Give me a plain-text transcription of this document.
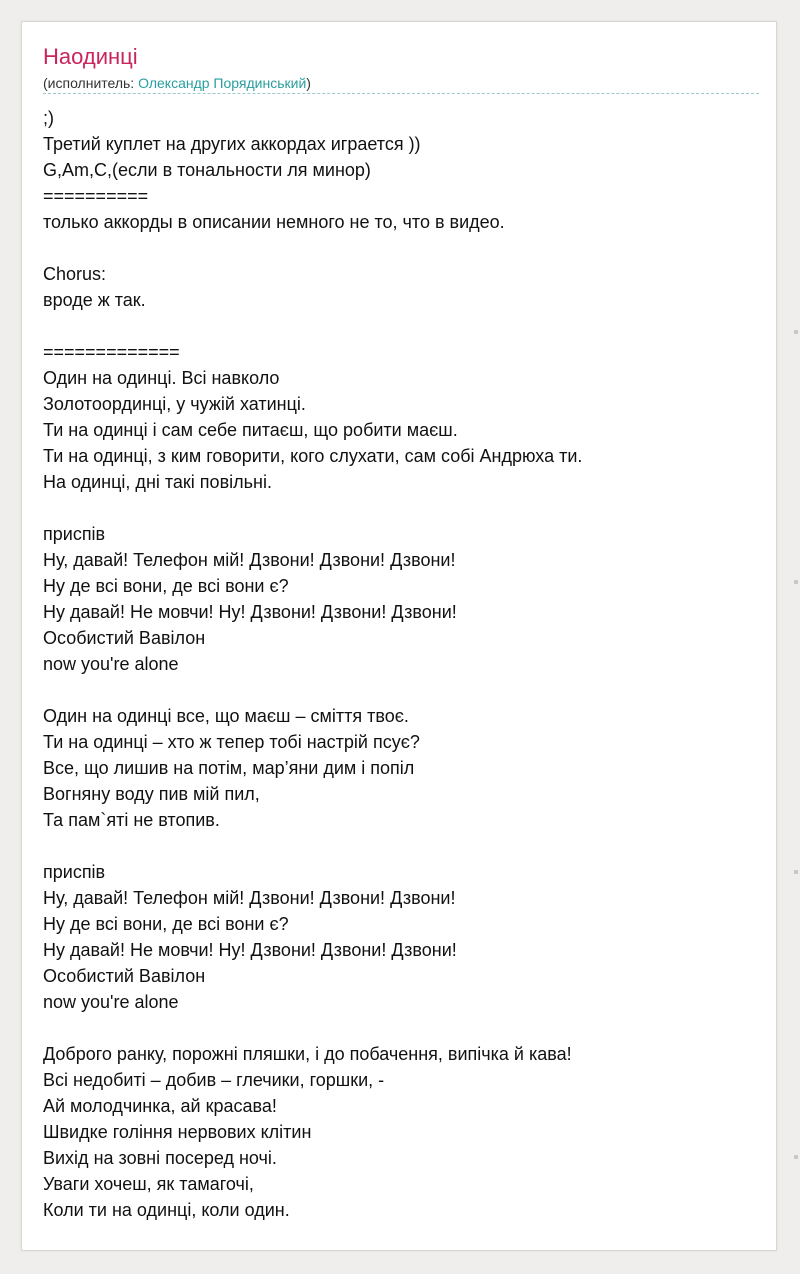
Наодинці
(исполнитель: Олександр Порядинський)
;)
Третий куплет на других аккордах играется ))
G,Am,C,(если в тональности ля минор)
==========
только аккорды в описании немного не то, что в видео.
Chorus:
вроде ж так.
=============
Один на одинці. Всі навколо
Золотоординці, у чужій хатинці.
Ти на одинці і сам себе питаєш, що робити маєш.
Ти на одинці, з ким говорити, кого слухати, сам собі Андрюха ти.
На одинці, дні такі повільні.
приспів
Ну, давай! Телефон мій! Дзвони! Дзвони! Дзвони!
Ну де всі вони, де всі вони є?
Ну давай! Не мовчи! Ну! Дзвони! Дзвони! Дзвони!
Особистий Вавілон
now you're alone
Один на одинці все, що маєш – сміття твоє.
Ти на одинці – хто ж тепер тобі настрій псує?
Все, що лишив на потім, мар’яни дим і попіл
Вогняну воду пив мій пил,
Та пам`яті не втопив.
приспів
Ну, давай! Телефон мій! Дзвони! Дзвони! Дзвони!
Ну де всі вони, де всі вони є?
Ну давай! Не мовчи! Ну! Дзвони! Дзвони! Дзвони!
Особистий Вавілон
now you're alone
Доброго ранку, порожні пляшки, і до побачення, випічка й кава!
Всі недобиті – добив – глечики, горшки, -
Ай молодчинка, ай красава!
Швидке гоління нервових клітин
Вихід на зовні посеред ночі.
Уваги хочеш, як тамагочі,
Коли ти на одинці, коли один.
